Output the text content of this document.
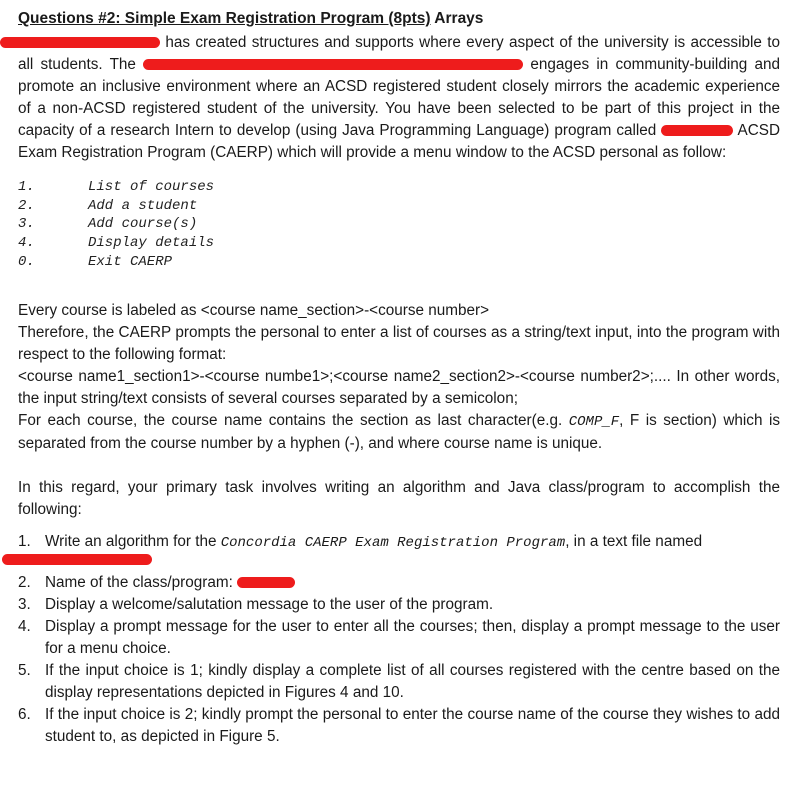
Questions #2: Simple Exam Registration Program (8pts) Arrays

has created structures and supports where every aspect of the university is accessible to all students. The	engages in community-building and promote an inclusive environment where an ACSD registered student closely mirrors the academic experience of a non-ACSD registered student of the university. You have been selected to be part of this project in the capacity of a research Intern to develop (using Java Programming Language) program called	ACSD Exam Registration Program (CAERP) which will provide a menu window to the ACSD personal as follow:

1.	List of courses
2.	Add a student
3.	Add course(s)
4.	Display details
0.	Exit CAERP

Every course is labeled as <course name_section>-<course number>

Therefore, the CAERP prompts the personal to enter a list of courses as a string/text input, into the program with respect to the following format:

<course name1_section1>-<course numbe1>;<course name2_section2>-<course number2>;.... In other words, the input string/text consists of several courses separated by a semicolon;

For each course, the course name contains the section as last character(e.g. COMP_F, F is section) which is separated from the course number by a hyphen (-), and where course name is unique.

In this regard, your primary task involves writing an algorithm and Java class/program to accomplish the following:

1. Write an algorithm for the Concordia CAERP Exam Registration Program, in a text file named
2. Name of the class/program:
3. Display a welcome/salutation message to the user of the program.
4. Display a prompt message for the user to enter all the courses; then, display a prompt message to the user for a menu choice.
5. If the input choice is 1; kindly display a complete list of all courses registered with the centre based on the display representations depicted in Figures 4 and 10.
6. If the input choice is 2; kindly prompt the personal to enter the course name of the course they wishes to add student to, as depicted in Figure 5.
